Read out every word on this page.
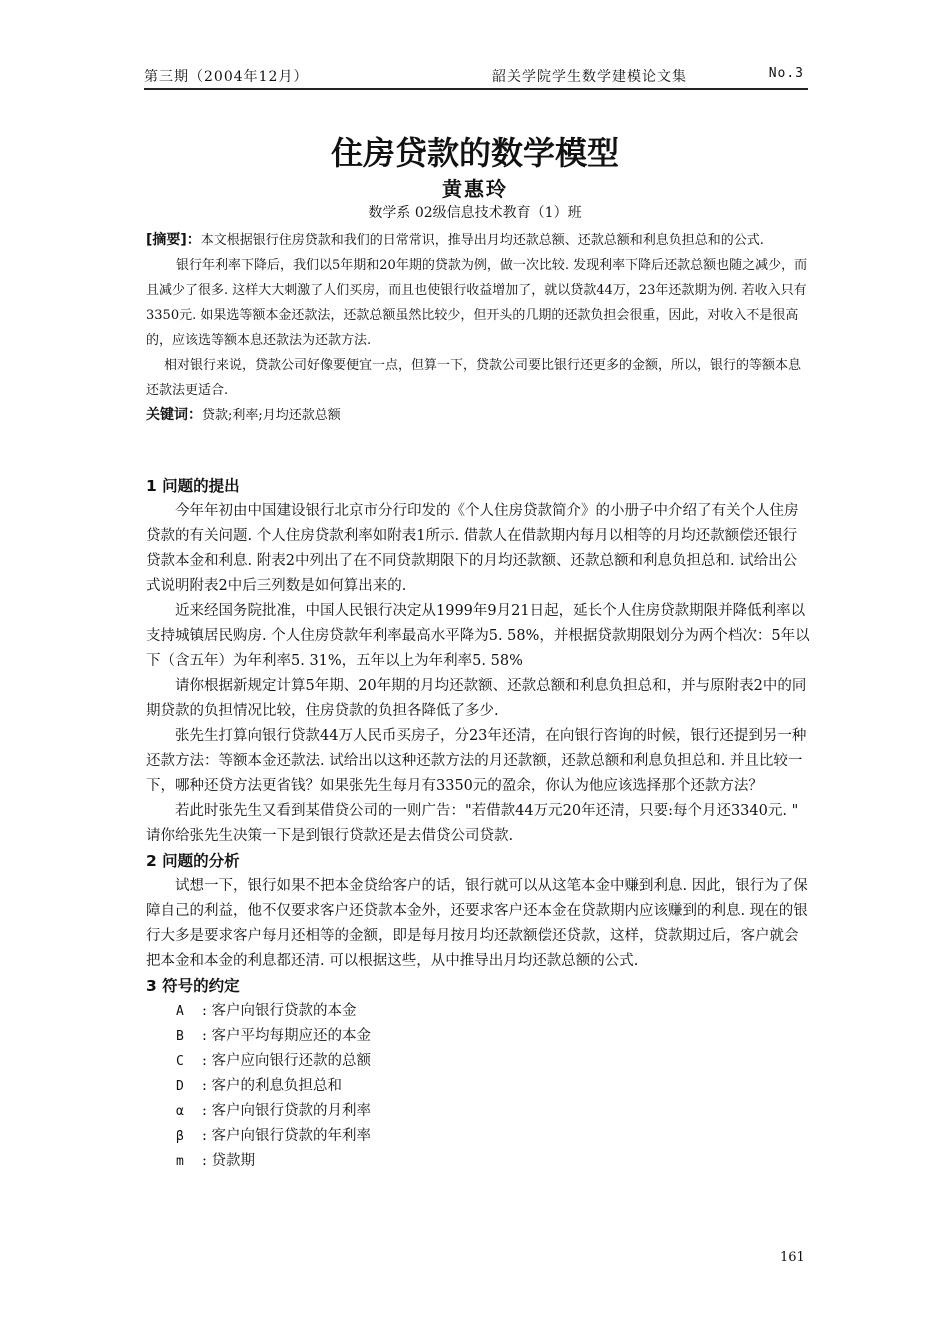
第三期（2004年12月）	韶关学院学生数学建模论文集	No.3
住房贷款的数学模型
黄惠玲
数学系 02级信息技术教育（1）班

[摘要]：本文根据银行住房贷款和我们的日常常识，推导出月均还款总额、还款总额和利息负担总和的公式.

银行年利率下降后，我们以5年期和20年期的贷款为例，做一次比较. 发现利率下降后还款总额也随之减少，而且减少了很多. 这样大大刺激了人们买房，而且也使银行收益增加了，就以贷款44万，23年还款期为例. 若收入只有3350元. 如果选等额本金还款法，还款总额虽然比较少，但开头的几期的还款负担会很重，因此，对收入不是很高的，应该选等额本息还款法为还款方法.

相对银行来说，贷款公司好像要便宜一点，但算一下，贷款公司要比银行还更多的金额，所以，银行的等额本息还款法更适合.

关键词：贷款;利率;月均还款总额

1 问题的提出

今年年初由中国建设银行北京市分行印发的《个人住房贷款简介》的小册子中介绍了有关个人住房贷款的有关问题. 个人住房贷款利率如附表1所示. 借款人在借款期内每月以相等的月均还款额偿还银行贷款本金和利息. 附表2中列出了在不同贷款期限下的月均还款额、还款总额和利息负担总和. 试给出公式说明附表2中后三列数是如何算出来的.

近来经国务院批准，中国人民银行决定从1999年9月21日起，延长个人住房贷款期限并降低利率以支持城镇居民购房. 个人住房贷款年利率最高水平降为5. 58%，并根据贷款期限划分为两个档次：5年以下（含五年）为年利率5. 31%，五年以上为年利率5. 58%

请你根据新规定计算5年期、20年期的月均还款额、还款总额和利息负担总和，并与原附表2中的同期贷款的负担情况比较，住房贷款的负担各降低了多少.

张先生打算向银行贷款44万人民币买房子，分23年还清，在向银行咨询的时候，银行还提到另一种还款方法：等额本金还款法. 试给出以这种还款方法的月还款额，还款总额和利息负担总和. 并且比较一下，哪种还贷方法更省钱？如果张先生每月有3350元的盈余，你认为他应该选择那个还款方法？

若此时张先生又看到某借贷公司的一则广告："若借款44万元20年还清，只要:每个月还3340元. " 请你给张先生决策一下是到银行贷款还是去借贷公司贷款.

2 问题的分析

试想一下，银行如果不把本金贷给客户的话，银行就可以从这笔本金中赚到利息. 因此，银行为了保障自己的利益，他不仅要求客户还贷款本金外，还要求客户还本金在贷款期内应该赚到的利息. 现在的银行大多是要求客户每月还相等的金额，即是每月按月均还款额偿还贷款，这样，贷款期过后，客户就会把本金和本金的利息都还清. 可以根据这些，从中推导出月均还款总额的公式.

3 符号的约定
A : 客户向银行贷款的本金
B : 客户平均每期应还的本金
C : 客户应向银行还款的总额
D : 客户的利息负担总和
α : 客户向银行贷款的月利率
β : 客户向银行贷款的年利率
m : 贷款期
161
